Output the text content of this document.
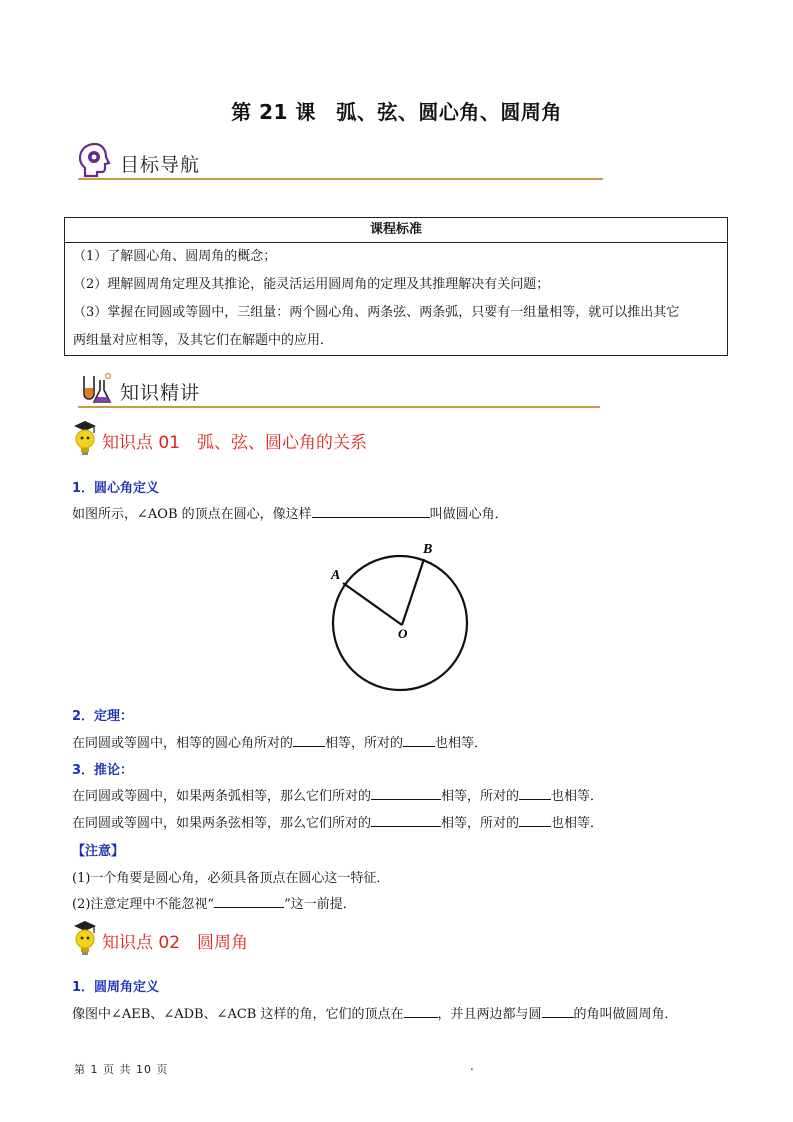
第 21 课　弧、弦、圆心角、圆周角
目标导航
课程标准
（1）了解圆心角、圆周角的概念；
（2）理解圆周角定理及其推论，能灵活运用圆周角的定理及其推理解决有关问题；
（3）掌握在同圆或等圆中，三组量：两个圆心角、两条弦、两条弧，只要有一组量相等，就可以推出其它
两组量对应相等，及其它们在解题中的应用．
知识精讲
知识点 01　弧、弦、圆心角的关系
1．圆心角定义
如图所示，∠AOB 的顶点在圆心，像这样	叫做圆心角．
A
B
O
2．定理：
在同圆或等圆中，相等的圆心角所对的 相等，所对的 也相等．
3．推论：
在同圆或等圆中，如果两条弧相等，那么它们所对的	相等，所对的 也相等．
在同圆或等圆中，如果两条弦相等，那么它们所对的	相等，所对的 也相等．
【注意】
(1)一个角要是圆心角，必须具备顶点在圆心这一特征．
(2)注意定理中不能忽视“	”这一前提．
知识点 02　圆周角
1．圆周角定义
像图中∠AEB、∠ADB、∠ACB 这样的角，它们的顶点在	，并且两边都与圆 的角叫做圆周角．
第 1 页 共 10 页	.
